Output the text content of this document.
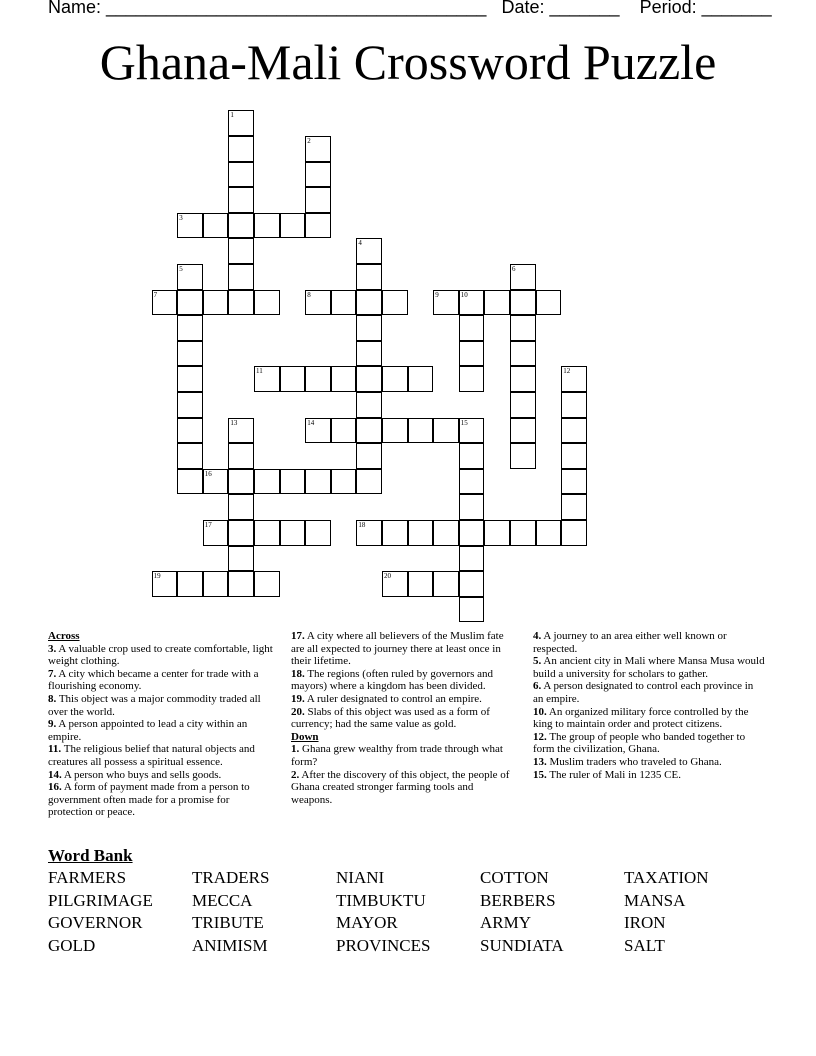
Name: ______________________________________ Date: _______ Period: _______
Ghana-Mali Crossword Puzzle
1
2
3
4
5	6
7	8	9	10
11	12
13	14	15
16
17	18
19	20
Across

3. A valuable crop used to create comfortable, light weight clothing.

7. A city which became a center for trade with a flourishing economy.

8. This object was a major commodity traded all over the world.

9. A person appointed to lead a city within an empire.

11. The religious belief that natural objects and creatures all possess a spiritual essence.

14. A person who buys and sells goods.

16. A form of payment made from a person to government often made for a promise for protection or peace.

17. A city where all believers of the Muslim fate are all expected to journey there at least once in their lifetime.

18. The regions (often ruled by governors and mayors) where a kingdom has been divided.

19. A ruler designated to control an empire.

20. Slabs of this object was used as a form of currency; had the same value as gold.

Down

1. Ghana grew wealthy from trade through what form?

2. After the discovery of this object, the people of Ghana created stronger farming tools and weapons.

4. A journey to an area either well known or respected.

5. An ancient city in Mali where Mansa Musa would build a university for scholars to gather.

6. A person designated to control each province in an empire.

10. An organized military force controlled by the king to maintain order and protect citizens.

12. The group of people who banded together to form the civilization, Ghana.

13. Muslim traders who traveled to Ghana.

15. The ruler of Mali in 1235 CE.

Word Bank
FARMERS	TRADERS	NIANI	COTTON	TAXATION
PILGRIMAGE	MECCA	TIMBUKTU	BERBERS	MANSA
GOVERNOR	TRIBUTE	MAYOR	ARMY	IRON
GOLD	ANIMISM	PROVINCES	SUNDIATA	SALT
